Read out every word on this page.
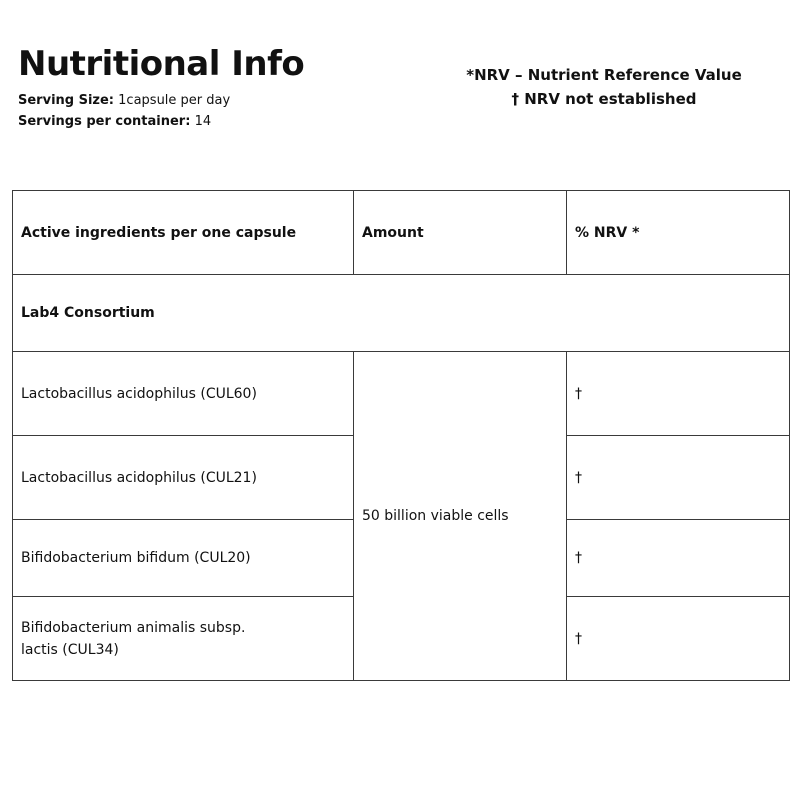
Nutritional Info
Serving Size: 1capsule per day
Servings per container: 14
*NRV – Nutrient Reference Value
† NRV not established
Active ingredients per one capsule	Amount	% NRV *
Lab4 Consortium		
Lactobacillus acidophilus (CUL60)	50 billion viable cells	†
Lactobacillus acidophilus (CUL21)		†
Bifidobacterium bifidum (CUL20)		†

Bifidobacterium animalis subsp.
lactis (CUL34)		†
